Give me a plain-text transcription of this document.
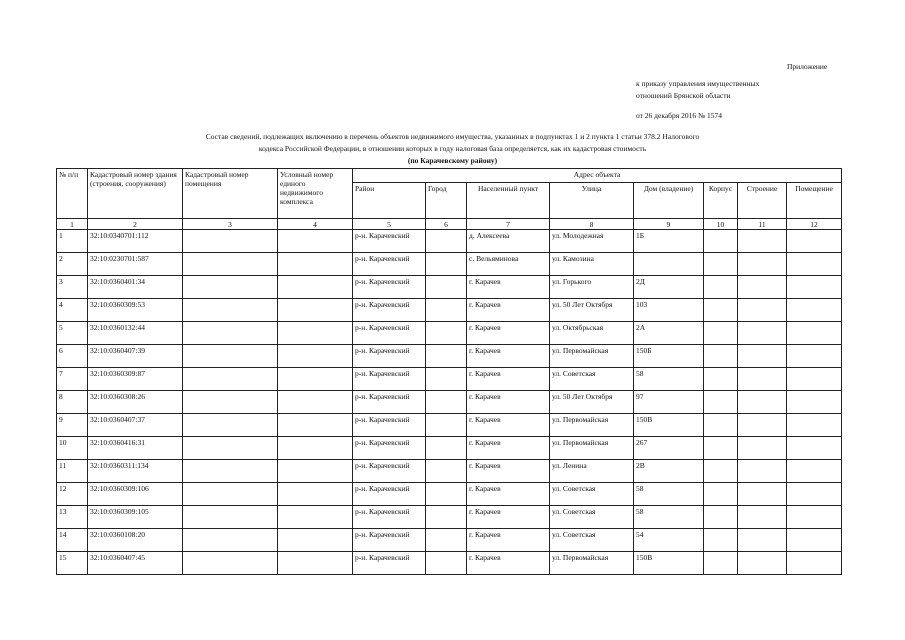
Приложение
к приказу управления имущественных
отношений Брянской области
от 26 декабря 2016 № 1574
Состав сведений, подлежащих включению в перечень объектов недвижимого имущества, указанных в подпунктах 1 и 2 пункта 1 статьи 378.2 Налогового
кодекса Российской Федерации, в отношении которых в году налоговая база определяется, как их кадастровая стоимость
(по Карачевскому району)
№ п/п	Кадастровый номер здания (строения, сооружения)	Кадастровый номер помещения	Условный номер единого недвижимого комплекса	Адрес объекта							
				Район	Город	Населенный пункт	Улица	Дом (владение)	Корпус	Строение	Помещение
1	2	3	4	5	6	7	8	9	10	11	12
1	32:10:0340701:112			р-н. Карачевский		д. Алексеева	ул. Молодежная	1Б			
2	32:10:0230701:587			р-н. Карачевский		с. Вельяминова	ул. Камозина				
3	32:10:0360401:34			р-н. Карачевский		г. Карачев	ул. Горького	2Д			
4	32:10:0360309:53			р-н. Карачевский		г. Карачев	ул. 50 Лет Октября	103			
5	32:10:0360132:44			р-н. Карачевский		г. Карачев	ул. Октябрьская	2А			
6	32:10:0360407:39			р-н. Карачевский		г. Карачев	ул. Первомайская	150Б			
7	32:10:0360309:87			р-н. Карачевский		г. Карачев	ул. Советская	58			
8	32:10:0360308:26			р-н. Карачевский		г. Карачев	ул. 50 Лет Октября	97			
9	32:10:0360407:37			р-н. Карачевский		г. Карачев	ул. Первомайская	150В			
10	32:10:0360416:31			р-н. Карачевский		г. Карачев	ул. Первомайская	267			
11	32:10:0360311:134			р-н. Карачевский		г. Карачев	ул. Ленина	2В			
12	32:10:0360309:106			р-н. Карачевский		г. Карачев	ул. Советская	58			
13	32:10:0360309:105			р-н. Карачевский		г. Карачев	ул. Советская	58			
14	32:10:0360108:20			р-н. Карачевский		г. Карачев	ул. Советская	54			
15	32:10:0360407:45			р-н. Карачевский		г. Карачев	ул. Первомайская	150В			
